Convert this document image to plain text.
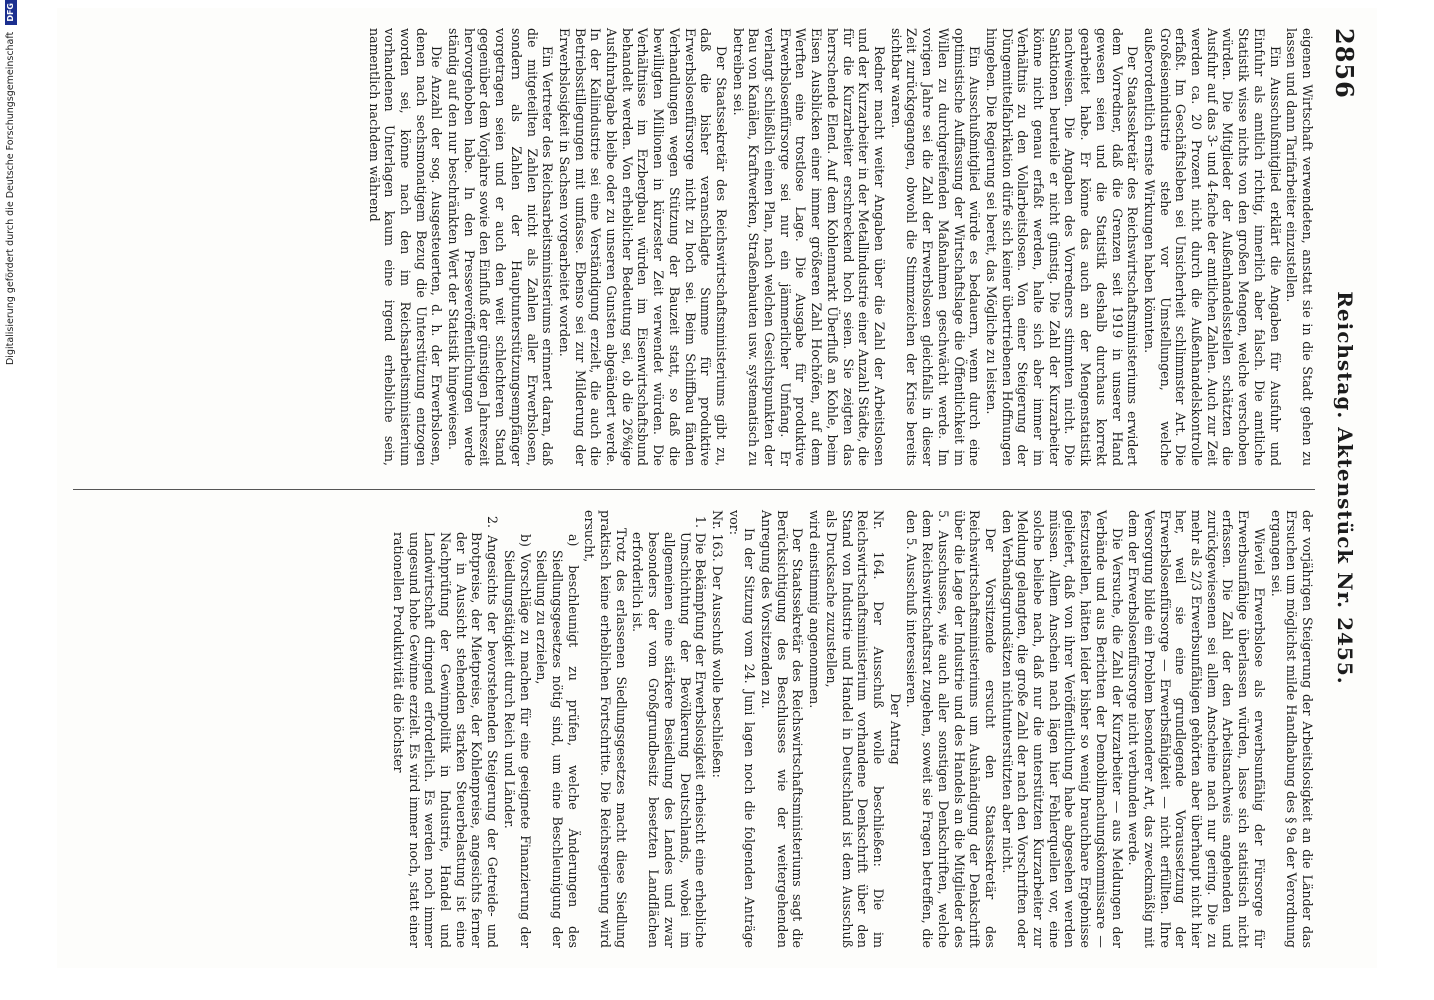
2856
Reichstag. Aktenstück Nr. 2455.

eigenen Wirtschaft verwendeten, anstatt sie in die Stadt gehen zu lassen und dann Tarifarbeiter einzustellen.

Ein Ausschußmitglied erklärt die Angaben für Ausfuhr und Einfuhr als amtlich richtig, innerlich aber falsch. Die amtliche Statistik wisse nichts von den großen Mengen, welche verschoben würden. Die Mitglieder der Außenhandelsstellen schätzten die Ausfuhr auf das 3- und 4-fache der amtlichen Zahlen. Auch zur Zeit werden ca. 20 Prozent nicht durch die Außenhandelskontrolle erfaßt. Im Geschäftsleben sei Unsicherheit schlimmster Art. Die Großeisenindustrie stehe vor Umstellungen, welche außerordentlich ernste Wirkungen haben könnten.

Der Staatssekretär des Reichswirtschaftsministeriums erwidert dem Vorredner, daß die Grenzen seit 1919 in unserer Hand gewesen seien und die Statistik deshalb durchaus korrekt gearbeitet habe. Er könne das auch an der Mengenstatistik nachweisen. Die Angaben des Vorredners stimmten nicht. Die Sanktionen beurteile er nicht günstig. Die Zahl der Kurzarbeiter könne nicht genau erfaßt werden, halte sich aber immer im Verhältnis zu den Vollarbeitslosen. Von einer Steigerung der Düngemittelfabrikation dürfe sich keiner übertriebenen Hoffnungen hingeben. Die Regierung sei bereit, das Mögliche zu leisten.

Ein Ausschußmitglied würde es bedauern, wenn durch eine optimistische Auffassung der Wirtschaftslage die Öffentlichkeit im Willen zu durchgreifenden Maßnahmen geschwächt werde. Im vorigen Jahre sei die Zahl der Erwerbslosen gleichfalls in dieser Zeit zurückgegangen, obwohl die Stimmzeichen der Krise bereits sichtbar waren.

Redner macht weiter Angaben über die Zahl der Arbeitslosen und der Kurzarbeiter in der Metallindustrie einer Anzahl Städte, die für die Kurzarbeiter erschreckend hoch seien. Sie zeigten das herrschende Elend. Auf dem Kohlenmarkt Überfluß an Kohle, beim Eisen Ausblicken einer immer größeren Zahl Hochöfen, auf dem Werften eine trostlose Lage. Die Ausgabe für produktive Erwerbslosenfürsorge sei nur ein jämmerlicher Umfang. Er verlangt schließlich einen Plan, nach welchen Gesichtspunkten der Bau von Kanälen, Kraftwerken, Straßenbauten usw. systematisch zu betreiben sei.

Der Staatssekretär des Reichswirtschaftsministeriums gibt zu, daß die bisher veranschlagte Summe für produktive Erwerbslosenfürsorge nicht zu hoch sei. Beim Schiffbau fänden Verhandlungen wegen Stützung der Bauzeit statt, so daß die bewilligten Millionen in kürzester Zeit verwendet würden. Die Verhältnisse im Erzbergbau würden im Eisenwirtschaftsbund behandelt werden. Von erheblicher Bedeutung sei, ob die 26%ige Ausfuhrabgabe bleibe oder zu unseren Gunsten abgeändert werde. In der Kaliindustrie sei eine Verständigung erzielt, die auch die Betriebsstillegungen mit umfasse. Ebenso sei zur Milderung der Erwerbslosigkeit in Sachsen vorgearbeitet worden.

Ein Vertreter des Reichsarbeitsministeriums erinnert daran, daß die mitgeteilten Zahlen nicht als Zahlen aller Erwerbslosen, sondern als Zahlen der Hauptunterstützungsempfänger vorgetragen seien und er auch den weit schlechteren Stand gegenüber dem Vorjahre sowie den Einfluß der günstigen Jahreszeit hervorgehoben habe. In den Presseveröffentlichungen werde ständig auf den nur beschränkten Wert der Statistik hingewiesen.

Die Anzahl der sog. Ausgesteuerten, d. h. der Erwerbslosen, denen nach sechsmonatigem Bezug die Unterstützung entzogen worden sei, könne nach den im Reichsarbeitsministerium vorhandenen Unterlagen kaum eine irgend erhebliche sein, namentlich nachdem während

der vorjährigen Steigerung der Arbeitslosigkeit an die Länder das Ersuchen um möglichst milde Handhabung des § 9a der Verordnung ergangen sei.

Wieviel Erwerbslose als erwerbsunfähig der Fürsorge für Erwerbsunfähige überlassen würden, lasse sich statistisch nicht erfassen. Die Zahl der den Arbeitsnachweis angehenden und zurückgewiesenen sei allem Anscheine nach nur gering. Die zu mehr als 2/3 Erwerbsunfähigen gehörten aber überhaupt nicht hier her, weil sie eine grundlegende Voraussetzung der Erwerbslosenfürsorge — Erwerbsfähigkeit — nicht erfüllten. Ihre Versorgung bilde ein Problem besonderer Art, das zweckmäßig mit dem der Erwerbslosenfürsorge nicht verbunden werde.

Die Versuche, die Zahl der Kurzarbeiter — aus Meldungen der Verbände und aus Berichten der Demobilmachungskommissare — festzustellen, hätten leider bisher so wenig brauchbare Ergebnisse geliefert, daß von ihrer Veröffentlichung habe abgesehen werden müssen. Allem Anschein nach lägen hier Fehlerquellen vor, eine solche beliebe nach, daß nur die unterstützten Kurzarbeiter zur Meldung gelangten, die große Zahl der nach den Vorschriften oder den Verbandsgrundsätzen nichtunterstützten aber nicht.

Der Vorsitzende ersucht den Staatssekretär des Reichswirtschaftsministeriums um Aushändigung der Denkschrift über die Lage der Industrie und des Handels an die Mitglieder des 5. Ausschusses, wie auch aller sonstigen Denkschriften, welche dem Reichswirtschaftsrat zugehen, soweit sie Fragen betreffen, die den 5. Ausschuß interessieren.

Der Antrag

Nr. 164. Der Ausschuß wolle beschließen: Die im Reichswirtschaftsministerium vorhandene Denkschrift über den Stand von Industrie und Handel in Deutschland ist dem Ausschuß als Drucksache zuzustellen,

wird einstimmig angenommen.

Der Staatssekretär des Reichswirtschaftsministeriums sagt die Berücksichtigung des Beschlusses wie der weitergehenden Anregung des Vorsitzenden zu.

In der Sitzung vom 24. Juni lagen noch die folgenden Anträge vor:

Nr. 163. Der Ausschuß wolle beschließen:

1. Die Bekämpfung der Erwerbslosigkeit erheischt eine erhebliche Umschichtung der Bevölkerung Deutschlands, wobei im allgemeinen eine stärkere Besiedlung des Landes und zwar besonders der vom Großgrundbesitz besetzten Landflächen erforderlich ist.

Trotz des erlassenen Siedlungsgesetzes macht diese Siedlung praktisch keine erheblichen Fortschritte. Die Reichsregierung wird ersucht,

a) beschleunigt zu prüfen, welche Änderungen des Siedlungsgesetzes nötig sind, um eine Beschleunigung der Siedlung zu erzielen,

b) Vorschläge zu machen für eine geeignete Finanzierung der Siedlungstätigkeit durch Reich und Länder.

2. Angesichts der bevorstehenden Steigerung der Getreide- und Brotpreise, der Mietpreise, der Kohlenpreise, angesichts ferner der in Aussicht stehenden starken Steuerbelastung ist eine Nachprüfung der Gewinnpolitik in Industrie, Handel und Landwirtschaft dringend erforderlich. Es werden noch immer ungesund hohe Gewinne erzielt. Es wird immer noch, statt einer rationellen Produktivität die höchster

Digitalisierung gefördert durch die Deutsche Forschungsgemeinschaft DFG
